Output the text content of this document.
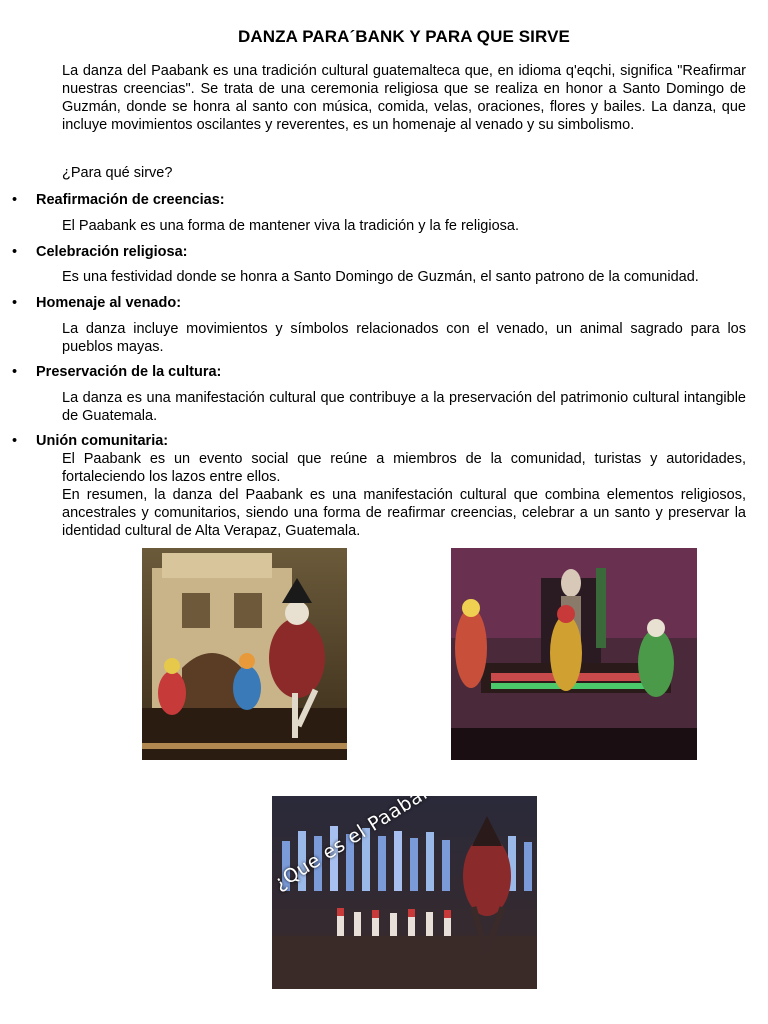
DANZA PARA´BANK Y PARA QUE SIRVE
La danza del Paabank es una tradición cultural guatemalteca que, en idioma q'eqchi, significa "Reafirmar nuestras creencias". Se trata de una ceremonia religiosa que se realiza en honor a Santo Domingo de Guzmán, donde se honra al santo con música, comida, velas, oraciones, flores y bailes. La danza, que incluye movimientos oscilantes y reverentes, es un homenaje al venado y su simbolismo.
¿Para qué sirve?
• Reafirmación de creencias:
El Paabank es una forma de mantener viva la tradición y la fe religiosa.
• Celebración religiosa:
Es una festividad donde se honra a Santo Domingo de Guzmán, el santo patrono de la comunidad.
• Homenaje al venado:
La danza incluye movimientos y símbolos relacionados con el venado, un animal sagrado para los pueblos mayas.
• Preservación de la cultura:
La danza es una manifestación cultural que contribuye a la preservación del patrimonio cultural intangible de Guatemala.
• Unión comunitaria:
El Paabank es un evento social que reúne a miembros de la comunidad, turistas y autoridades, fortaleciendo los lazos entre ellos.
En resumen, la danza del Paabank es una manifestación cultural que combina elementos religiosos, ancestrales y comunitarios, siendo una forma de reafirmar creencias, celebrar a un santo y preservar la identidad cultural de Alta Verapaz, Guatemala.
¿Que es el
